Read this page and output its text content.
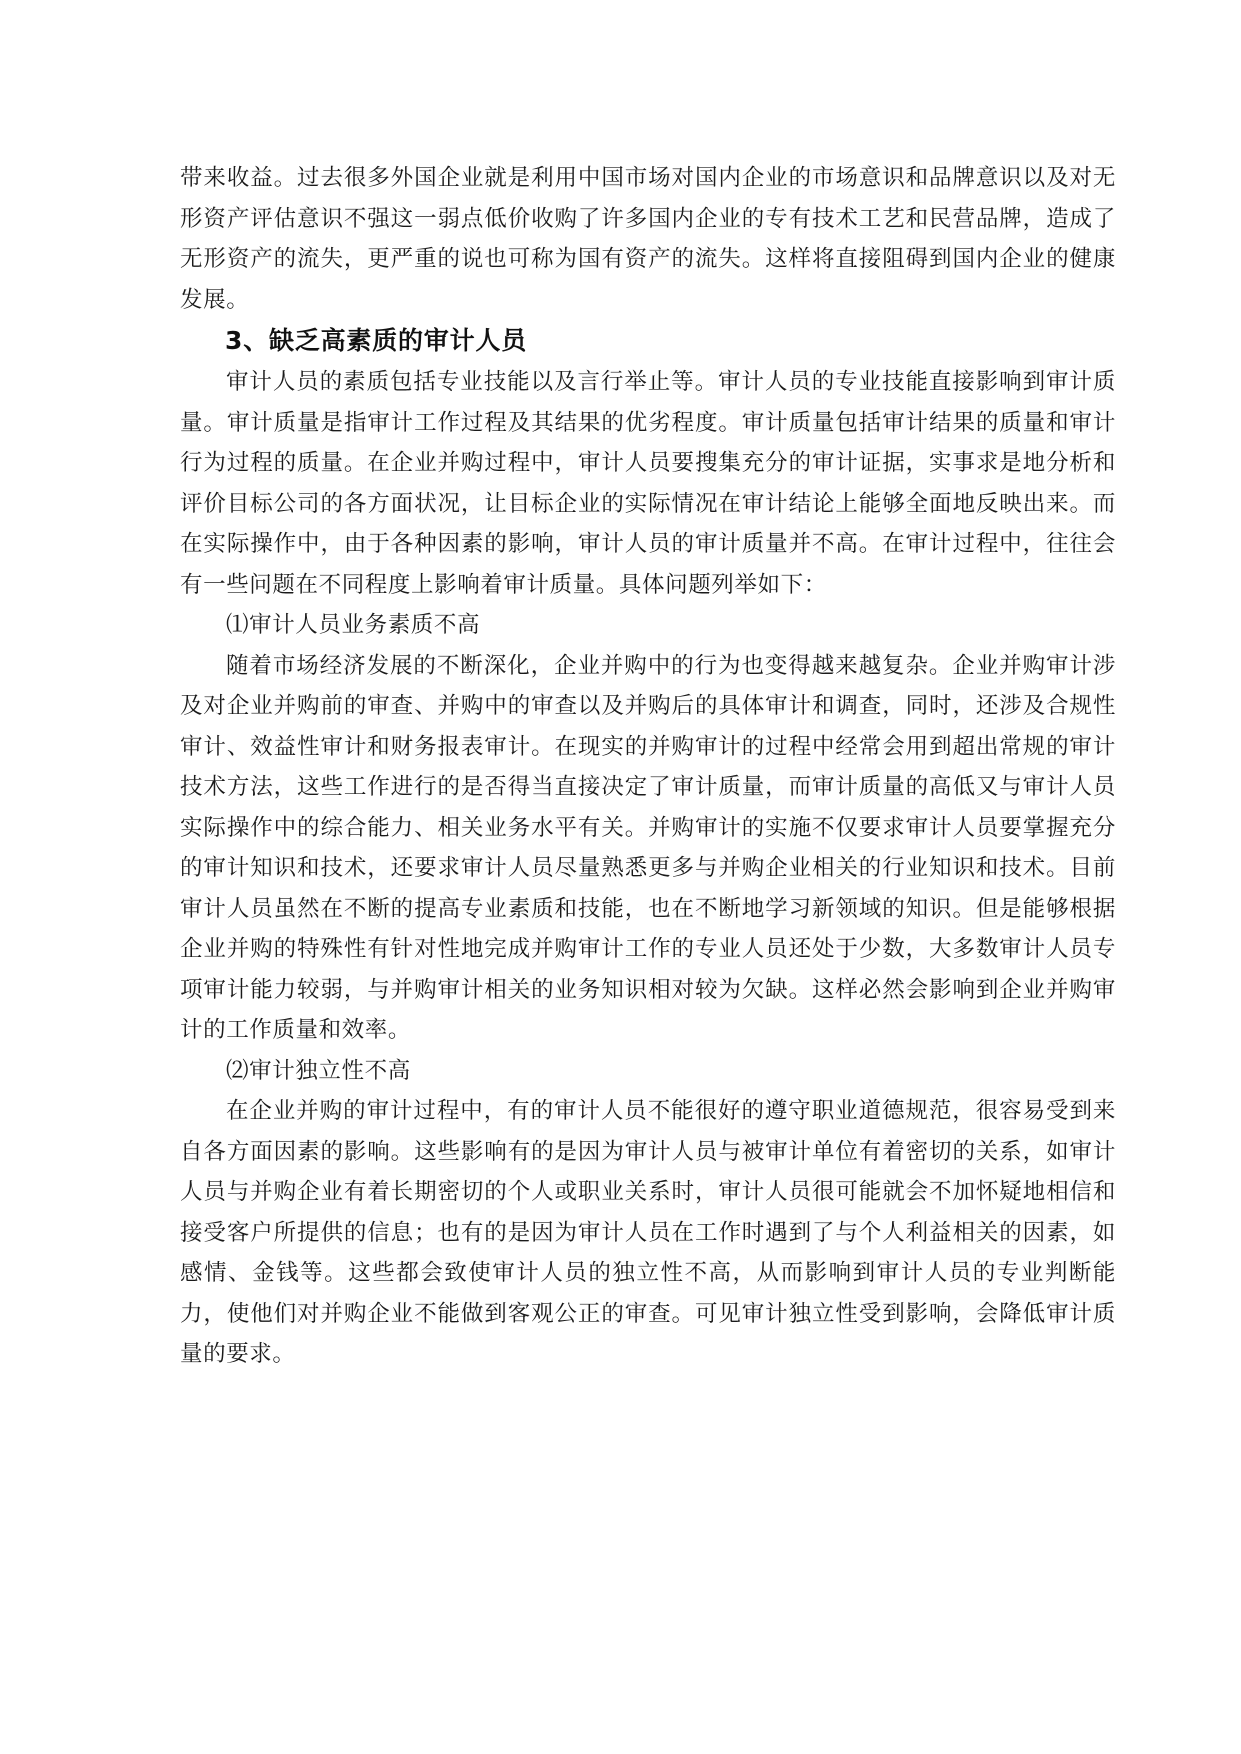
带来收益。过去很多外国企业就是利用中国市场对国内企业的市场意识和品牌意识以及对无形资产评估意识不强这一弱点低价收购了许多国内企业的专有技术工艺和民营品牌，造成了无形资产的流失，更严重的说也可称为国有资产的流失。这样将直接阻碍到国内企业的健康发展。

3、缺乏高素质的审计人员

审计人员的素质包括专业技能以及言行举止等。审计人员的专业技能直接影响到审计质量。审计质量是指审计工作过程及其结果的优劣程度。审计质量包括审计结果的质量和审计行为过程的质量。在企业并购过程中，审计人员要搜集充分的审计证据，实事求是地分析和评价目标公司的各方面状况，让目标企业的实际情况在审计结论上能够全面地反映出来。而在实际操作中，由于各种因素的影响，审计人员的审计质量并不高。在审计过程中，往往会有一些问题在不同程度上影响着审计质量。具体问题列举如下：

⑴审计人员业务素质不高

随着市场经济发展的不断深化，企业并购中的行为也变得越来越复杂。企业并购审计涉及对企业并购前的审查、并购中的审查以及并购后的具体审计和调查，同时，还涉及合规性审计、效益性审计和财务报表审计。在现实的并购审计的过程中经常会用到超出常规的审计技术方法，这些工作进行的是否得当直接决定了审计质量，而审计质量的高低又与审计人员实际操作中的综合能力、相关业务水平有关。并购审计的实施不仅要求审计人员要掌握充分的审计知识和技术，还要求审计人员尽量熟悉更多与并购企业相关的行业知识和技术。目前审计人员虽然在不断的提高专业素质和技能，也在不断地学习新领域的知识。但是能够根据企业并购的特殊性有针对性地完成并购审计工作的专业人员还处于少数，大多数审计人员专项审计能力较弱，与并购审计相关的业务知识相对较为欠缺。这样必然会影响到企业并购审计的工作质量和效率。

⑵审计独立性不高

在企业并购的审计过程中，有的审计人员不能很好的遵守职业道德规范，很容易受到来自各方面因素的影响。这些影响有的是因为审计人员与被审计单位有着密切的关系，如审计人员与并购企业有着长期密切的个人或职业关系时，审计人员很可能就会不加怀疑地相信和接受客户所提供的信息；也有的是因为审计人员在工作时遇到了与个人利益相关的因素，如感情、金钱等。这些都会致使审计人员的独立性不高，从而影响到审计人员的专业判断能力，使他们对并购企业不能做到客观公正的审查。可见审计独立性受到影响，会降低审计质量的要求。
